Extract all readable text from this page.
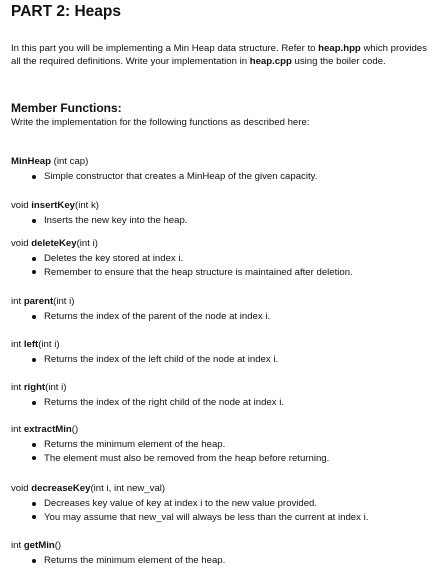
PART 2: Heaps

In this part you will be implementing a Min Heap data structure. Refer to heap.hpp which provides all the required definitions. Write your implementation in heap.cpp using the boiler code.

Member Functions:

Write the implementation for the following functions as described here:

MinHeap (int cap)

Simple constructor that creates a MinHeap of the given capacity.

void insertKey(int k)

Inserts the new key into the heap.

void deleteKey(int i)

Deletes the key stored at index i.
Remember to ensure that the heap structure is maintained after deletion.

int parent(int i)

Returns the index of the parent of the node at index i.

int left(int i)

Returns the index of the left child of the node at index i.

int right(int i)

Returns the index of the right child of the node at index i.

int extractMin()

Returns the minimum element of the heap.
The element must also be removed from the heap before returning.

void decreaseKey(int i, int new_val)

Decreases key value of key at index i to the new value provided.
You may assume that new_val will always be less than the current at index i.

int getMin()

Returns the minimum element of the heap.
